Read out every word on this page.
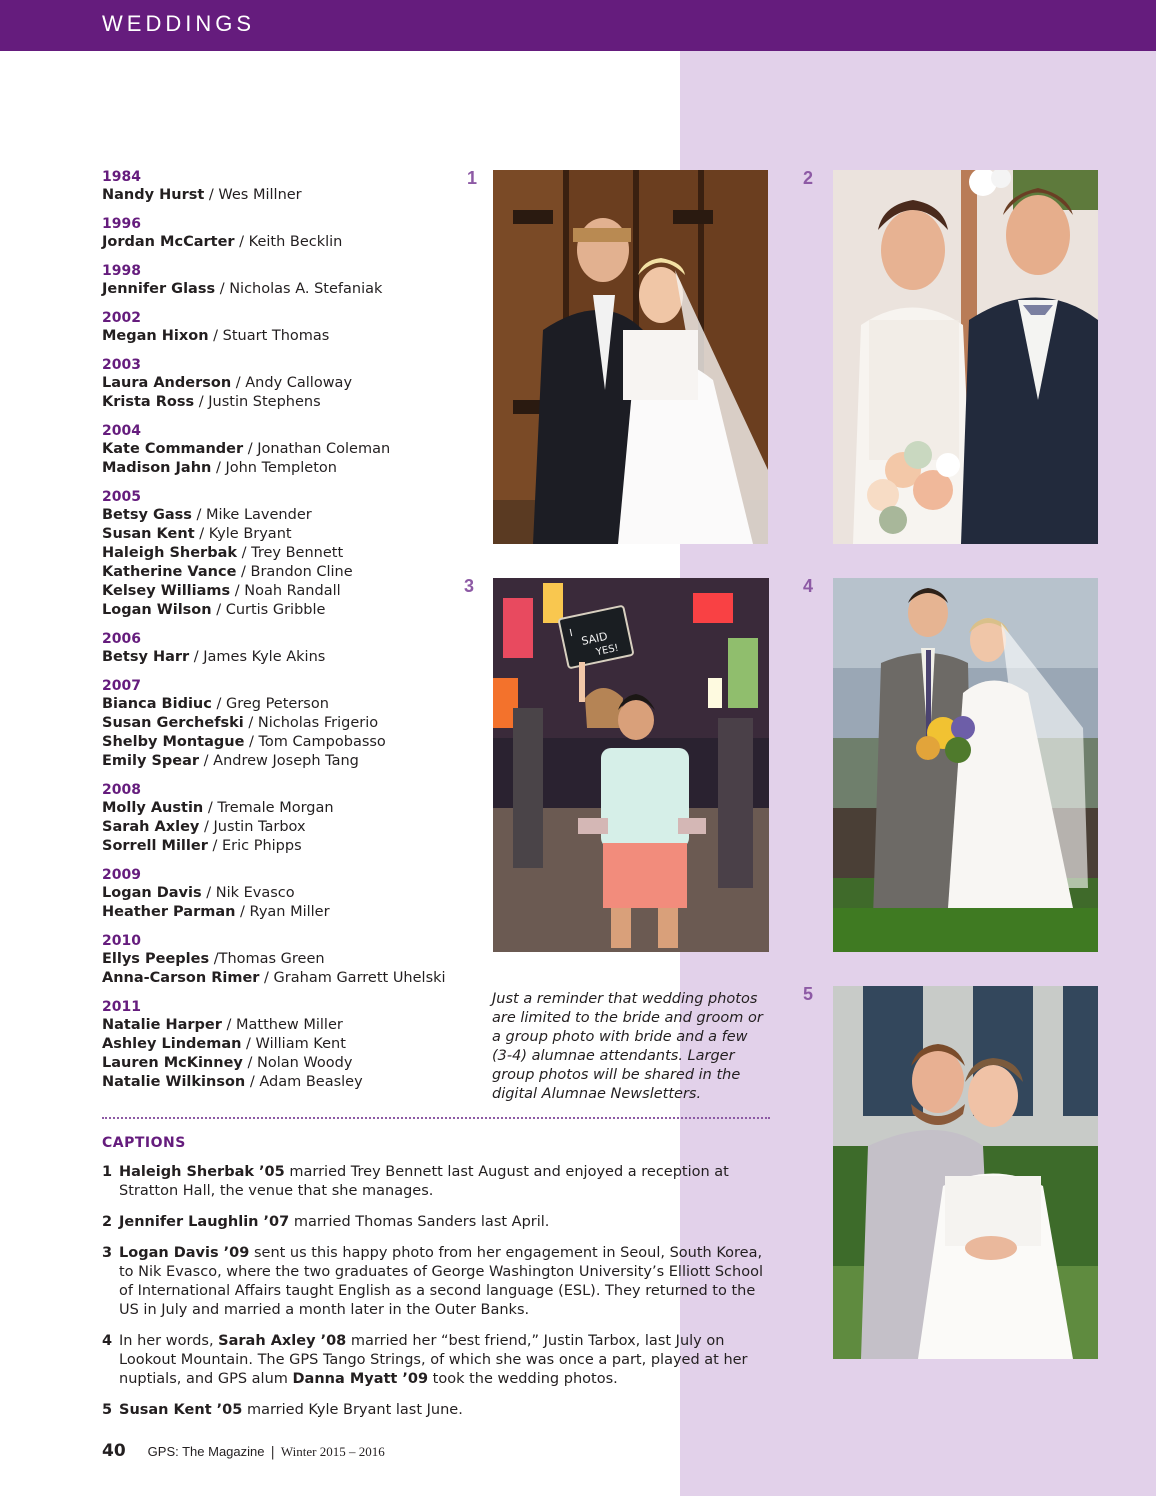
WEDDINGS
1984
Nandy Hurst / Wes Millner
1996
Jordan McCarter / Keith Becklin
1998
Jennifer Glass / Nicholas A. Stefaniak
2002
Megan Hixon / Stuart Thomas
2003
Laura Anderson / Andy Calloway
Krista Ross / Justin Stephens
2004
Kate Commander / Jonathan Coleman
Madison Jahn / John Templeton
2005
Betsy Gass / Mike Lavender
Susan Kent / Kyle Bryant
Haleigh Sherbak / Trey Bennett
Katherine Vance / Brandon Cline
Kelsey Williams / Noah Randall
Logan Wilson / Curtis Gribble
2006
Betsy Harr / James Kyle Akins
2007
Bianca Bidiuc / Greg Peterson
Susan Gerchefski / Nicholas Frigerio
Shelby Montague / Tom Campobasso
Emily Spear / Andrew Joseph Tang
2008
Molly Austin / Tremale Morgan
Sarah Axley / Justin Tarbox
Sorrell Miller / Eric Phipps
2009
Logan Davis / Nik Evasco
Heather Parman / Ryan Miller
2010
Ellys Peeples /Thomas Green
Anna-Carson Rimer / Graham Garrett Uhelski
2011
Natalie Harper / Matthew Miller
Ashley Lindeman / William Kent
Lauren McKinney / Nolan Woody
Natalie Wilkinson / Adam Beasley
1	2
3
I SAID
YES!
4
5
Just a reminder that wedding photos are limited to the bride and groom or a group photo with bride and a few (3-4) alumnae attendants. Larger group photos will be shared in the digital Alumnae Newsletters.
CAPTIONS
1 Haleigh Sherbak ’05 married Trey Bennett last August and enjoyed a reception at Stratton Hall, the venue that she manages.
2 Jennifer Laughlin ’07 married Thomas Sanders last April.
3 Logan Davis ’09 sent us this happy photo from her engagement in Seoul, South Korea, to Nik Evasco, where the two graduates of George Washington University’s Elliott School of International Affairs taught English as a second language (ESL). They returned to the US in July and married a month later in the Outer Banks.
4 In her words, Sarah Axley ’08 married her “best friend,” Justin Tarbox, last July on Lookout Mountain. The GPS Tango Strings, of which she was once a part, played at her nuptials, and GPS alum Danna Myatt ’09 took the wedding photos.
5 Susan Kent ’05 married Kyle Bryant last June.
40 GPS: The Magazine | Winter 2015 – 2016
